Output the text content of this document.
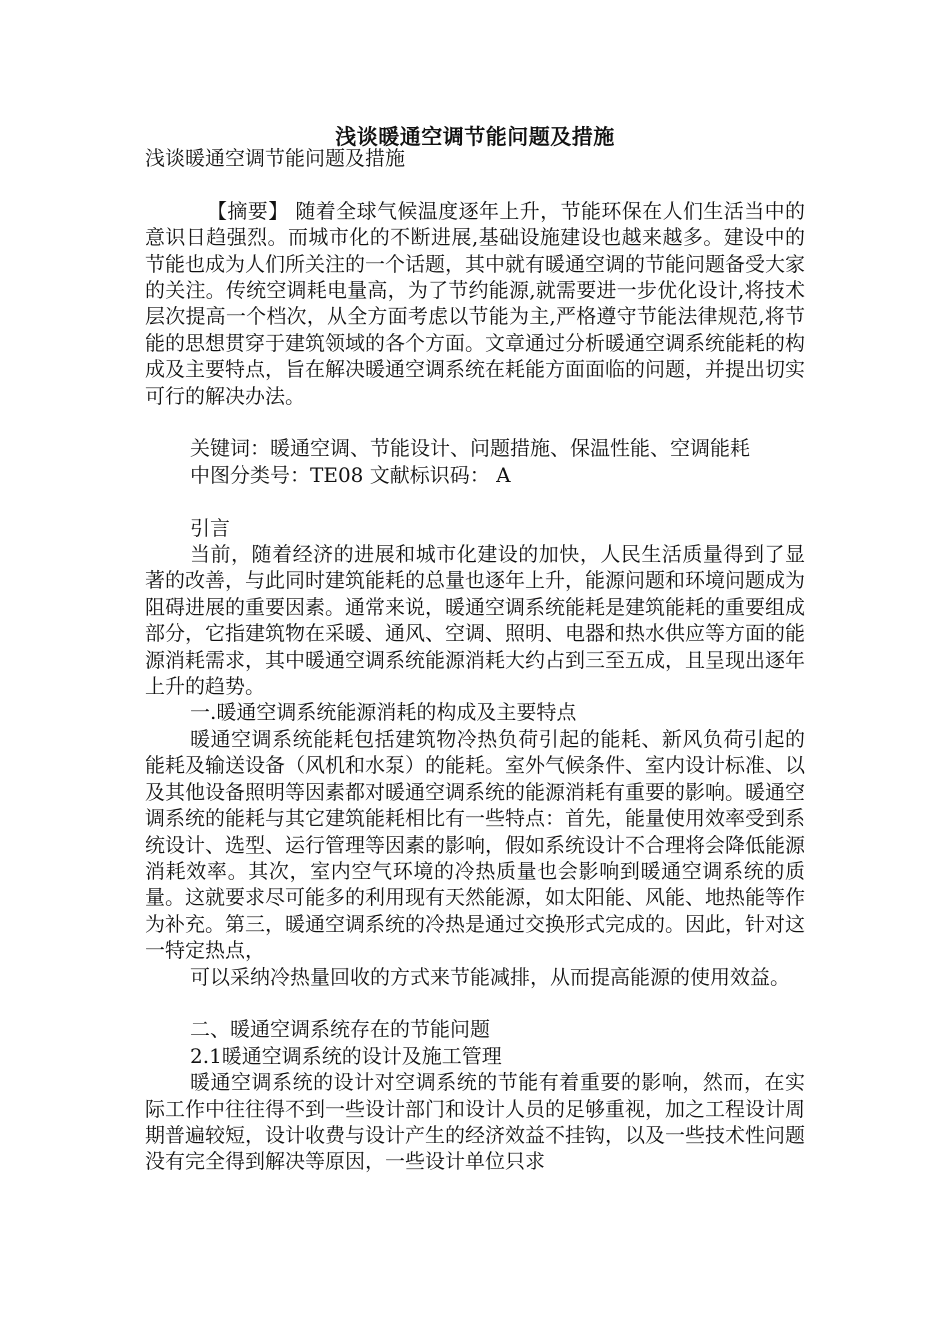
浅谈暖通空调节能问题及措施

浅谈暖通空调节能问题及措施

【摘要】 随着全球气候温度逐年上升，节能环保在人们生活当中的意识日趋强烈。而城市化的不断进展,基础设施建设也越来越多。建设中的节能也成为人们所关注的一个话题，其中就有暖通空调的节能问题备受大家的关注。传统空调耗电量高，为了节约能源,就需要进一步优化设计,将技术层次提高一个档次，从全方面考虑以节能为主,严格遵守节能法律规范,将节能的思想贯穿于建筑领域的各个方面。文章通过分析暖通空调系统能耗的构成及主要特点，旨在解决暖通空调系统在耗能方面面临的问题，并提出切实可行的解决办法。

关键词：暖通空调、节能设计、问题措施、保温性能、空调能耗

中图分类号：TE08 文献标识码： A

引言

当前，随着经济的进展和城市化建设的加快，人民生活质量得到了显著的改善，与此同时建筑能耗的总量也逐年上升，能源问题和环境问题成为阻碍进展的重要因素。通常来说，暖通空调系统能耗是建筑能耗的重要组成部分，它指建筑物在采暖、通风、空调、照明、电器和热水供应等方面的能源消耗需求，其中暖通空调系统能源消耗大约占到三至五成，且呈现出逐年上升的趋势。

一.暖通空调系统能源消耗的构成及主要特点

暖通空调系统能耗包括建筑物冷热负荷引起的能耗、新风负荷引起的能耗及输送设备（风机和水泵）的能耗。室外气候条件、室内设计标准、以及其他设备照明等因素都对暖通空调系统的能源消耗有重要的影响。暖通空调系统的能耗与其它建筑能耗相比有一些特点：首先，能量使用效率受到系统设计、选型、运行管理等因素的影响，假如系统设计不合理将会降低能源消耗效率。其次，室内空气环境的冷热质量也会影响到暖通空调系统的质量。这就要求尽可能多的利用现有天然能源，如太阳能、风能、地热能等作为补充。第三，暖通空调系统的冷热是通过交换形式完成的。因此，针对这一特定热点，

可以采纳冷热量回收的方式来节能减排，从而提高能源的使用效益。

二、暖通空调系统存在的节能问题

2.1暖通空调系统的设计及施工管理

暖通空调系统的设计对空调系统的节能有着重要的影响，然而，在实际工作中往往得不到一些设计部门和设计人员的足够重视，加之工程设计周期普遍较短，设计收费与设计产生的经济效益不挂钩，以及一些技术性问题没有完全得到解决等原因，一些设计单位只求
